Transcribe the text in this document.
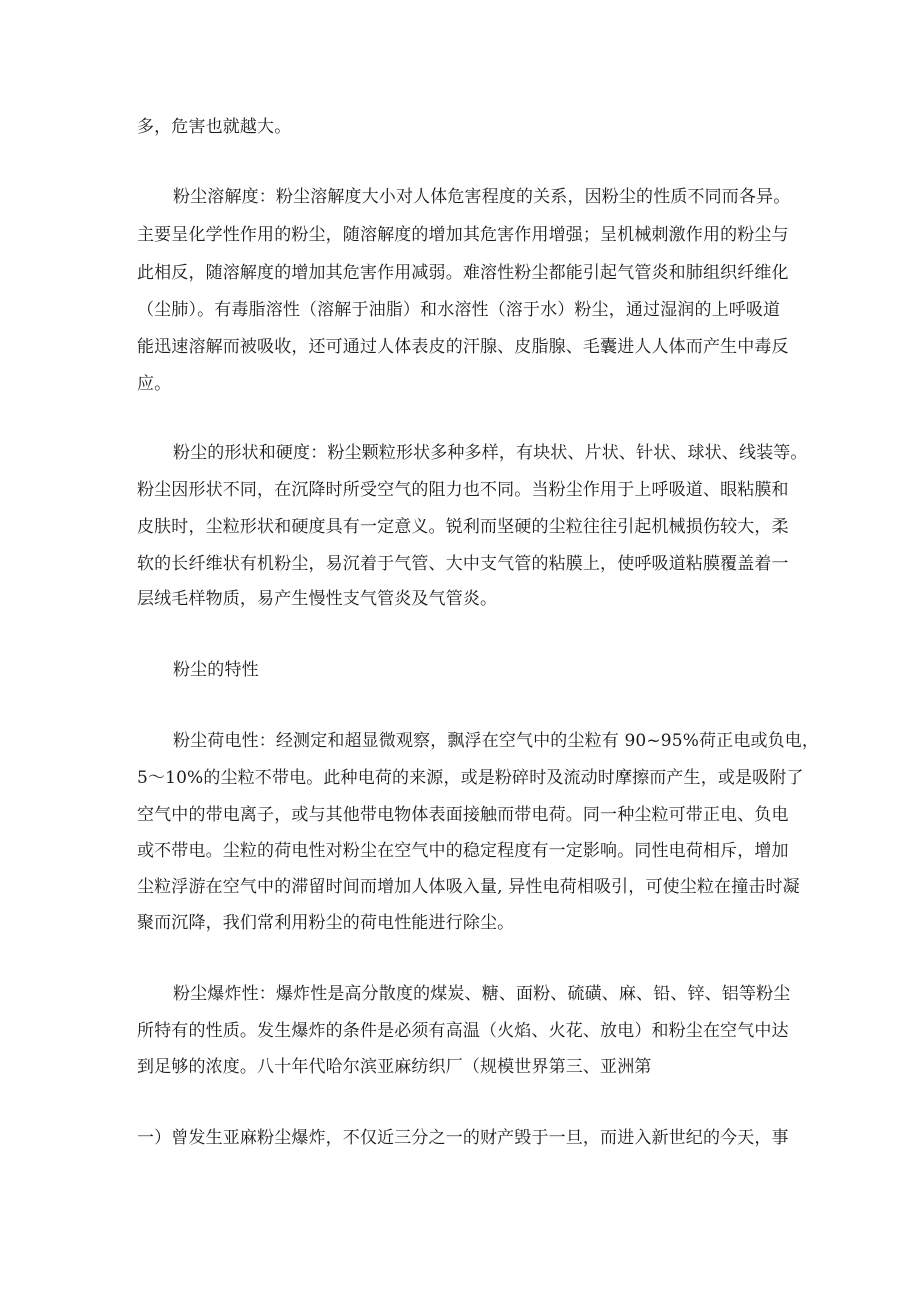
多，危害也就越大。
粉尘溶解度：粉尘溶解度大小对人体危害程度的关系，因粉尘的性质不同而各异。
主要呈化学性作用的粉尘，随溶解度的增加其危害作用增强；呈机械刺激作用的粉尘与
此相反，随溶解度的增加其危害作用减弱。难溶性粉尘都能引起气管炎和肺组织纤维化
（尘肺）。有毒脂溶性（溶解于油脂）和水溶性（溶于水）粉尘，通过湿润的上呼吸道
能迅速溶解而被吸收，还可通过人体表皮的汗腺、皮脂腺、毛囊进人人体而产生中毒反
应。
粉尘的形状和硬度：粉尘颗粒形状多种多样，有块状、片状、针状、球状、线装等。
粉尘因形状不同，在沉降时所受空气的阻力也不同。当粉尘作用于上呼吸道、眼粘膜和
皮肤时，尘粒形状和硬度具有一定意义。锐利而坚硬的尘粒往往引起机械损伤较大，柔
软的长纤维状有机粉尘，易沉着于气管、大中支气管的粘膜上，使呼吸道粘膜覆盖着一
层绒毛样物质，易产生慢性支气管炎及气管炎。
粉尘的特性
粉尘荷电性：经测定和超显微观察，飘浮在空气中的尘粒有 90~95%荷正电或负电，
5～10%的尘粒不带电。此种电荷的来源，或是粉碎时及流动时摩擦而产生，或是吸附了
空气中的带电离子，或与其他带电物体表面接触而带电荷。同一种尘粒可带正电、负电
或不带电。尘粒的荷电性对粉尘在空气中的稳定程度有一定影响。同性电荷相斥，增加
尘粒浮游在空气中的滞留时间而增加人体吸入量, 异性电荷相吸引，可使尘粒在撞击时凝
聚而沉降，我们常利用粉尘的荷电性能进行除尘。
粉尘爆炸性：爆炸性是高分散度的煤炭、糖、面粉、硫磺、麻、铅、锌、铝等粉尘
所特有的性质。发生爆炸的条件是必须有高温（火焰、火花、放电）和粉尘在空气中达
到足够的浓度。八十年代哈尔滨亚麻纺织厂（规模世界第三、亚洲第
一）曾发生亚麻粉尘爆炸，不仅近三分之一的财产毁于一旦，而进入新世纪的今天，事
